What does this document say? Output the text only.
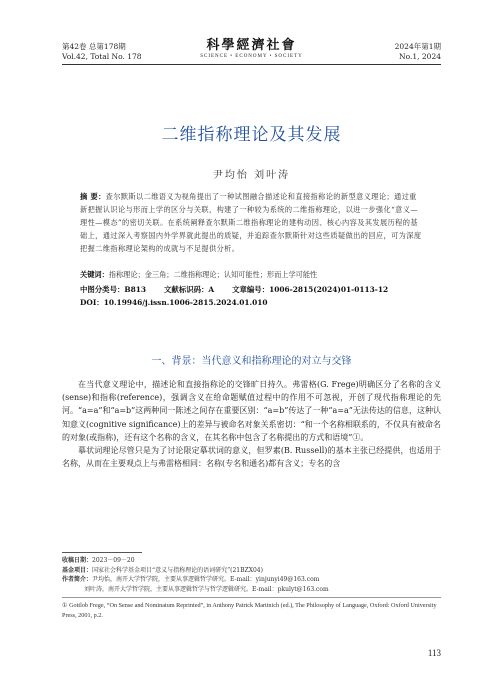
第42卷 总第178期
Vol.42, Total No. 178
科學經濟社會
SCIENCE • ECONOMY • SOCIETY
2024年第1期
No.1, 2024
二维指称理论及其发展
尹均怡 刘叶涛
摘 要：查尔默斯以二维语义为视角提出了一种试图融合描述论和直接指称论的新型意义理论；通过重新把握认识论与形而上学的区分与关联，构建了一种较为系统的二维指称理论，以进一步强化“意义—理性—模态”的密切关联。在系统阐释查尔默斯二维指称理论的建构动因、核心内容及其发展历程的基础上，通过深入考察国内外学界就此提出的质疑，并追踪查尔默斯针对这些质疑做出的回应，可为深度把握二维指称理论架构的成就与不足提供分析。
关键词：指称理论；金三角；二维指称理论；认知可能性；形而上学可能性
中图分类号：B813 文献标识码：A 文章编号：1006-2815(2024)01-0113-12
DOI：10.19946/j.issn.1006-2815.2024.01.010
一、背景：当代意义和指称理论的对立与交锋

在当代意义理论中，描述论和直接指称论的交锋旷日持久。弗雷格(G. Frege)明确区分了名称的含义(sense)和指称(reference)，强调含义在给命题赋值过程中的作用不可忽视，开创了现代指称理论的先河。“a=a”和“a=b”这两种同一陈述之间存在重要区别：“a=b”传达了一种“a=a”无法传达的信息，这种认知意义(cognitive significance)上的差异与被命名对象关系密切：“和一个名称相联系的，不仅具有被命名的对象(或指称)，还有这个名称的含义，在其名称中包含了名称提出的方式和语境”①。

摹状词理论尽管只是为了讨论限定摹状词的意义，但罗素(B. Russell)的基本主张已经提供，也适用于名称，从而在主要观点上与弗雷格相同：名称(专名和通名)都有含义；专名的含

收稿日期：2023－09－20
基金项目：国家社会科学基金项目“意义与指称理论的语词研究”(21BZX04)
作者简介：尹均怡，南开大学哲学院，主要从事逻辑哲学研究。E-mail：yinjunyi49@163.com
刘叶涛，南开大学哲学院，主要从事逻辑哲学与哲学逻辑研究。E-mail：pkulyt@163.com
① Gottlob Frege, “On Sense and Nominatum Reprinted”, in Anthony Patrick Martinich (ed.), The Philosophy of Language, Oxford: Oxford University Press, 2001, p.2.
113
